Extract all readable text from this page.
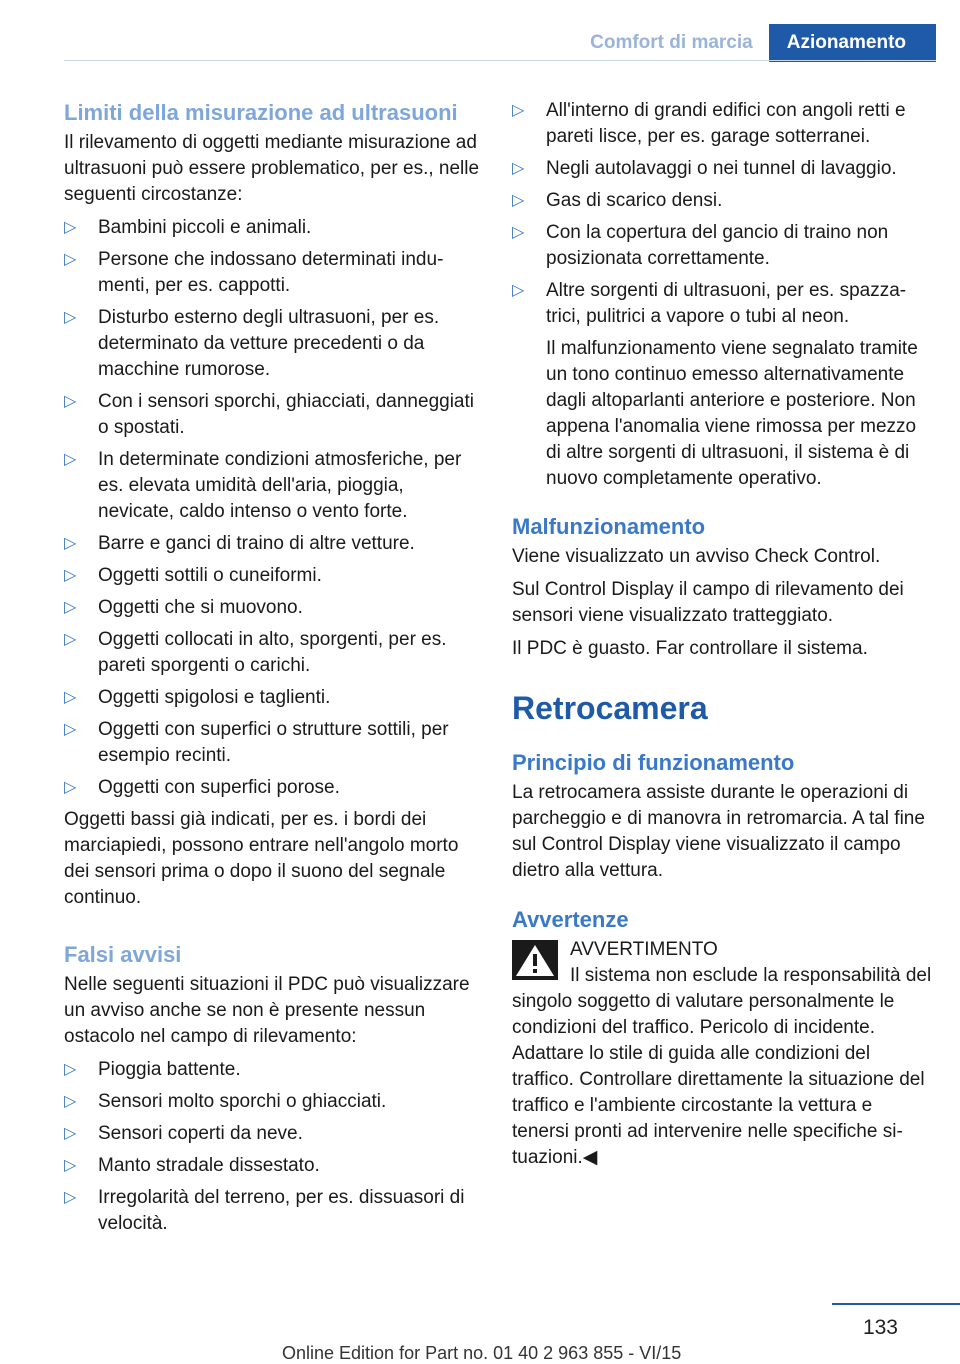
Comfort di marcia	Azionamento
Limiti della misurazione ad ultrasuoni

Il rilevamento di oggetti mediante misurazione ad ultrasuoni può essere problematico, per es., nelle seguenti circostanze:

▷ Bambini piccoli e animali.
▷ Persone che indossano determinati indumenti, per es. cappotti.
▷ Disturbo esterno degli ultrasuoni, per es. determinato da vetture precedenti o da macchine rumorose.
▷ Con i sensori sporchi, ghiacciati, danneggiati o spostati.
▷ In determinate condizioni atmosferiche, per es. elevata umidità dell'aria, pioggia, nevicate, caldo intenso o vento forte.
▷ Barre e ganci di traino di altre vetture.
▷ Oggetti sottili o cuneiformi.
▷ Oggetti che si muovono.
▷ Oggetti collocati in alto, sporgenti, per es. pareti sporgenti o carichi.
▷ Oggetti spigolosi e taglienti.
▷ Oggetti con superfici o strutture sottili, per esempio recinti.
▷ Oggetti con superfici porose.

Oggetti bassi già indicati, per es. i bordi dei marciapiedi, possono entrare nell'angolo morto dei sensori prima o dopo il suono del segnale continuo.

Falsi avvisi

Nelle seguenti situazioni il PDC può visualizzare un avviso anche se non è presente nessun ostacolo nel campo di rilevamento:

▷ Pioggia battente.
▷ Sensori molto sporchi o ghiacciati.
▷ Sensori coperti da neve.
▷ Manto stradale dissestato.
▷ Irregolarità del terreno, per es. dissuasori di velocità.
▷ All'interno di grandi edifici con angoli retti e pareti lisce, per es. garage sotterranei.
▷ Negli autolavaggi o nei tunnel di lavaggio.
▷ Gas di scarico densi.
▷ Con la copertura del gancio di traino non posizionata correttamente.
▷ Altre sorgenti di ultrasuoni, per es. spazzatrici, pulitrici a vapore o tubi al neon.
Il malfunzionamento viene segnalato tramite un tono continuo emesso alternativamente dagli altoparlanti anteriore e posteriore. Non appena l'anomalia viene rimossa per mezzo di altre sorgenti di ultrasuoni, il sistema è di nuovo completamente operativo.
Malfunzionamento

Viene visualizzato un avviso Check Control.

Sul Control Display il campo di rilevamento dei sensori viene visualizzato tratteggiato.

Il PDC è guasto. Far controllare il sistema.

Retrocamera
Principio di funzionamento

La retrocamera assiste durante le operazioni di parcheggio e di manovra in retromarcia. A tal fine sul Control Display viene visualizzato il campo dietro alla vettura.

Avvertenze
AVVERTIMENTO
Il sistema non esclude la responsabilità del singolo soggetto di valutare personalmente le condizioni del traffico. Pericolo di incidente. Adattare lo stile di guida alle condizioni del traffico. Controllare direttamente la situazione del traffico e l'ambiente circostante la vettura e tenersi pronti ad intervenire nelle specifiche situazioni.◀
133
Online Edition for Part no. 01 40 2 963 855 - VI/15
